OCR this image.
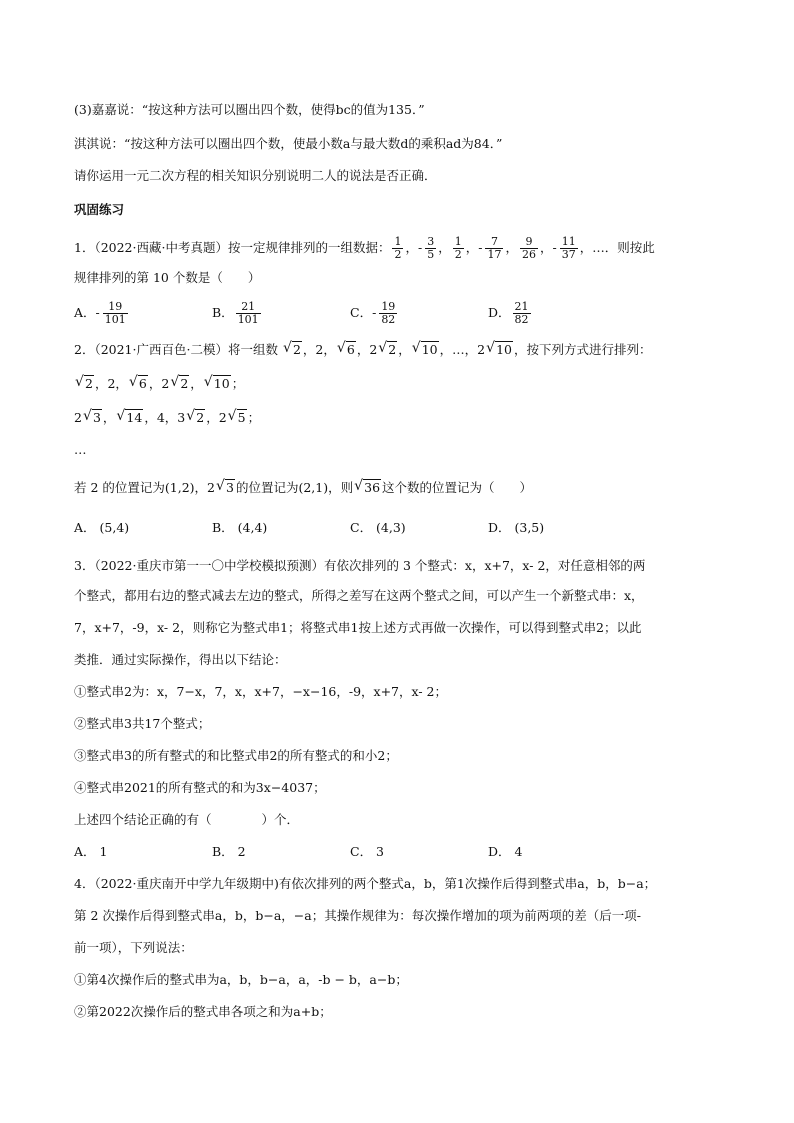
(3)嘉嘉说：“按这种方法可以圈出四个数，使得bc的值为135．”
淇淇说：“按这种方法可以圈出四个数，使最小数a与最大数d的乘积ad为84．”
请你运用一元二次方程的相关知识分别说明二人的说法是否正确．
巩固练习
1．（2022·西藏·中考真题）按一定规律排列的一组数据： $\frac{1}{2}$ ，- $\frac{3}{5}$ ， $\frac{1}{2}$ ，- $\frac{7}{17}$ ， $\frac{9}{26}$ ，- $\frac{11}{37}$ ，…．则按此
规律排列的第 10 个数是（　　）
A．- $\frac{19}{101}$	B． $\frac{21}{101}$	C．- $\frac{19}{82}$	D． $\frac{21}{82}$
2．（2021·广西百色·二模）将一组数 √ 2 ，2， √ 6 ，2 √ 2 ， √ 10 ，…，2 √ 10 ，按下列方式进行排列：
√ 2 ，2， √ 6 ，2 √ 2 ， √ 10 ；
2 √ 3 ， √ 14 ，4，3 √ 2 ，2 √ 5 ；
…
若 2 的位置记为(1,2)，2 √ 3 的位置记为(2,1)，则 √ 36 这个数的位置记为（　　）
A． (5,4)	B． (4,4)	C． (4,3)	D． (3,5)
3．（2022·重庆市第一一〇中学校模拟预测）有依次排列的 3 个整式：x，x+7，x- 2，对任意相邻的两
个整式，都用右边的整式减去左边的整式，所得之差写在这两个整式之间，可以产生一个新整式串：x，
7，x+7，-9，x- 2，则称它为整式串1；将整式串1按上述方式再做一次操作，可以得到整式串2；以此
类推．通过实际操作，得出以下结论：
①整式串2为：x，7−x，7，x，x+7，−x−16，-9，x+7，x- 2；
②整式串3共17个整式；
③整式串3的所有整式的和比整式串2的所有整式的和小2；
④整式串2021的所有整式的和为3x−4037；
上述四个结论正确的有（　　　　）个．
A． 1	B． 2	C． 3	D． 4
4．（2022·重庆南开中学九年级期中)有依次排列的两个整式a，b，第1次操作后得到整式串a，b，b−a；
第 2 次操作后得到整式串a，b，b−a，−a；其操作规律为：每次操作增加的项为前两项的差（后一项-
前一项），下列说法：
①第4次操作后的整式串为a，b，b−a，a，-b − b，a−b；
②第2022次操作后的整式串各项之和为a+b；
